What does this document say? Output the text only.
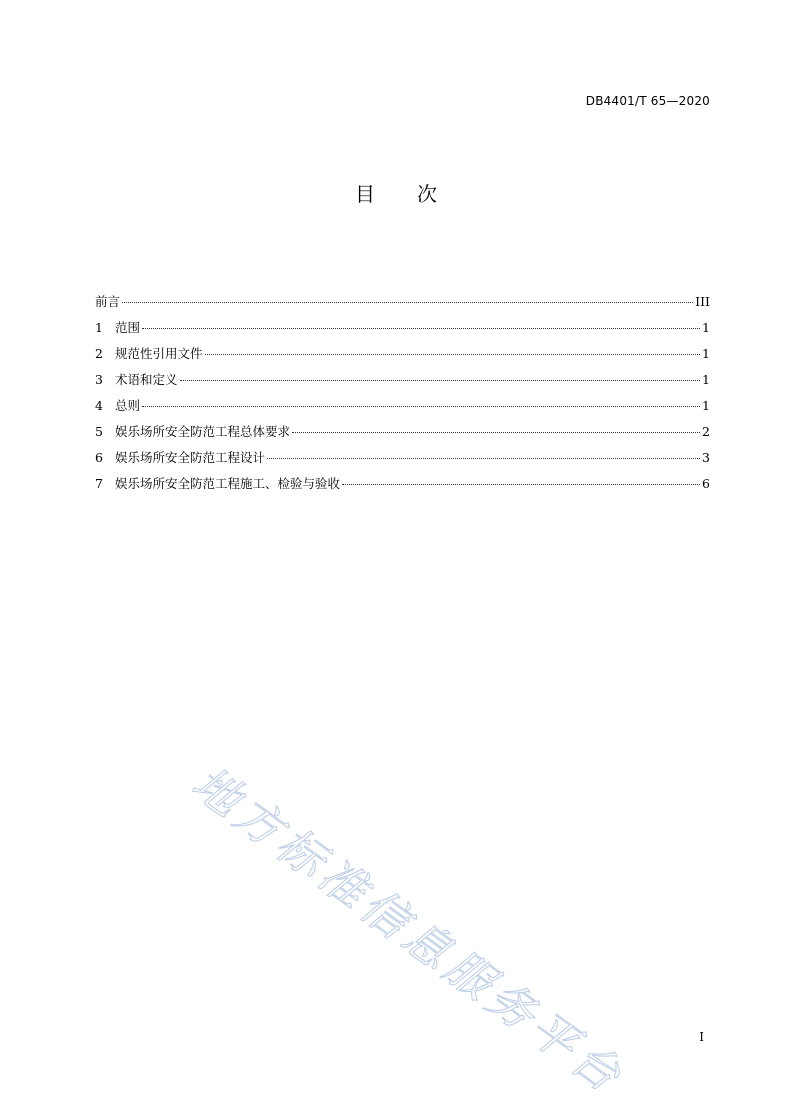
DB4401/T 65—2020
目 次
前言	III
1 范围	1
2 规范性引用文件	1
3 术语和定义	1
4 总则	1
5 娱乐场所安全防范工程总体要求	2
6 娱乐场所安全防范工程设计	3
7 娱乐场所安全防范工程施工、检验与验收	6
地方标准信息服务平台	I
